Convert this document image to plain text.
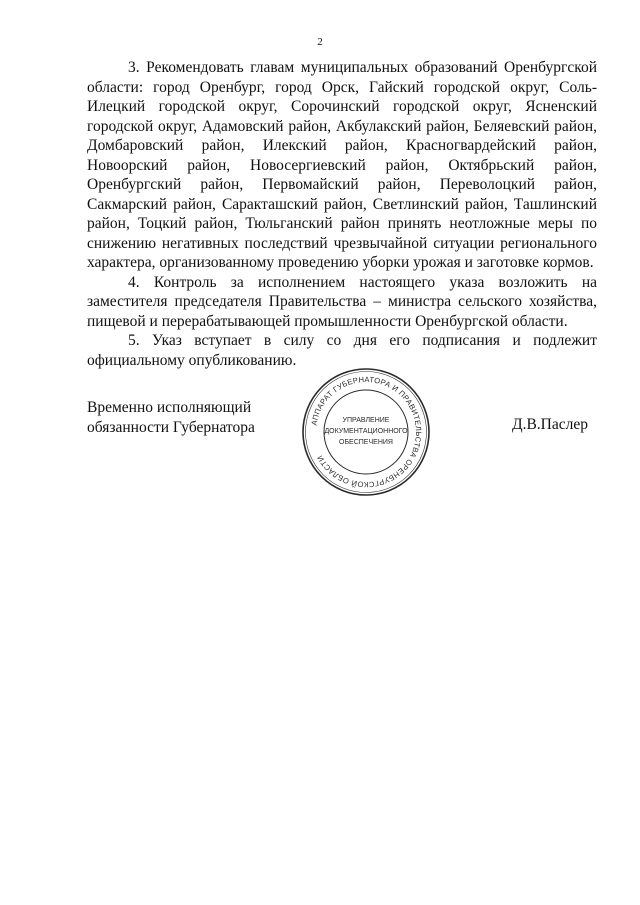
2

3. Рекомендовать главам муниципальных образований Оренбургской области: город Оренбург, город Орск, Гайский городской округ, Соль-Илецкий городской округ, Сорочинский городской округ, Ясненский городской округ, Адамовский район, Акбулакский район, Беляевский район, Домбаровский район, Илекский район, Красногвардейский район, Новоорский район, Новосергиевский район, Октябрьский район, Оренбургский район, Первомайский район, Переволоцкий район, Сакмарский район, Саракташский район, Светлинский район, Ташлинский район, Тоцкий район, Тюльганский район принять неотложные меры по снижению негативных последствий чрезвычайной ситуации регионального характера, организованному проведению уборки урожая и заготовке кормов.

4. Контроль за исполнением настоящего указа возложить на заместителя председателя Правительства – министра сельского хозяйства, пищевой и перерабатывающей промышленности Оренбургской области.

5. Указ вступает в силу со дня его подписания и подлежит официальному опубликованию.

Временно исполняющий
обязанности Губернатора	АППАРАТ ГУБЕРНАТОРА И ПРАВИТЕЛЬСТВА ОРЕНБУРГСКОЙ ОБЛАСТИ
УПРАВЛЕНИЕ
ДОКУМЕНТАЦИОННОГО
ОБЕСПЕЧЕНИЯ
Д.В.Паслер
